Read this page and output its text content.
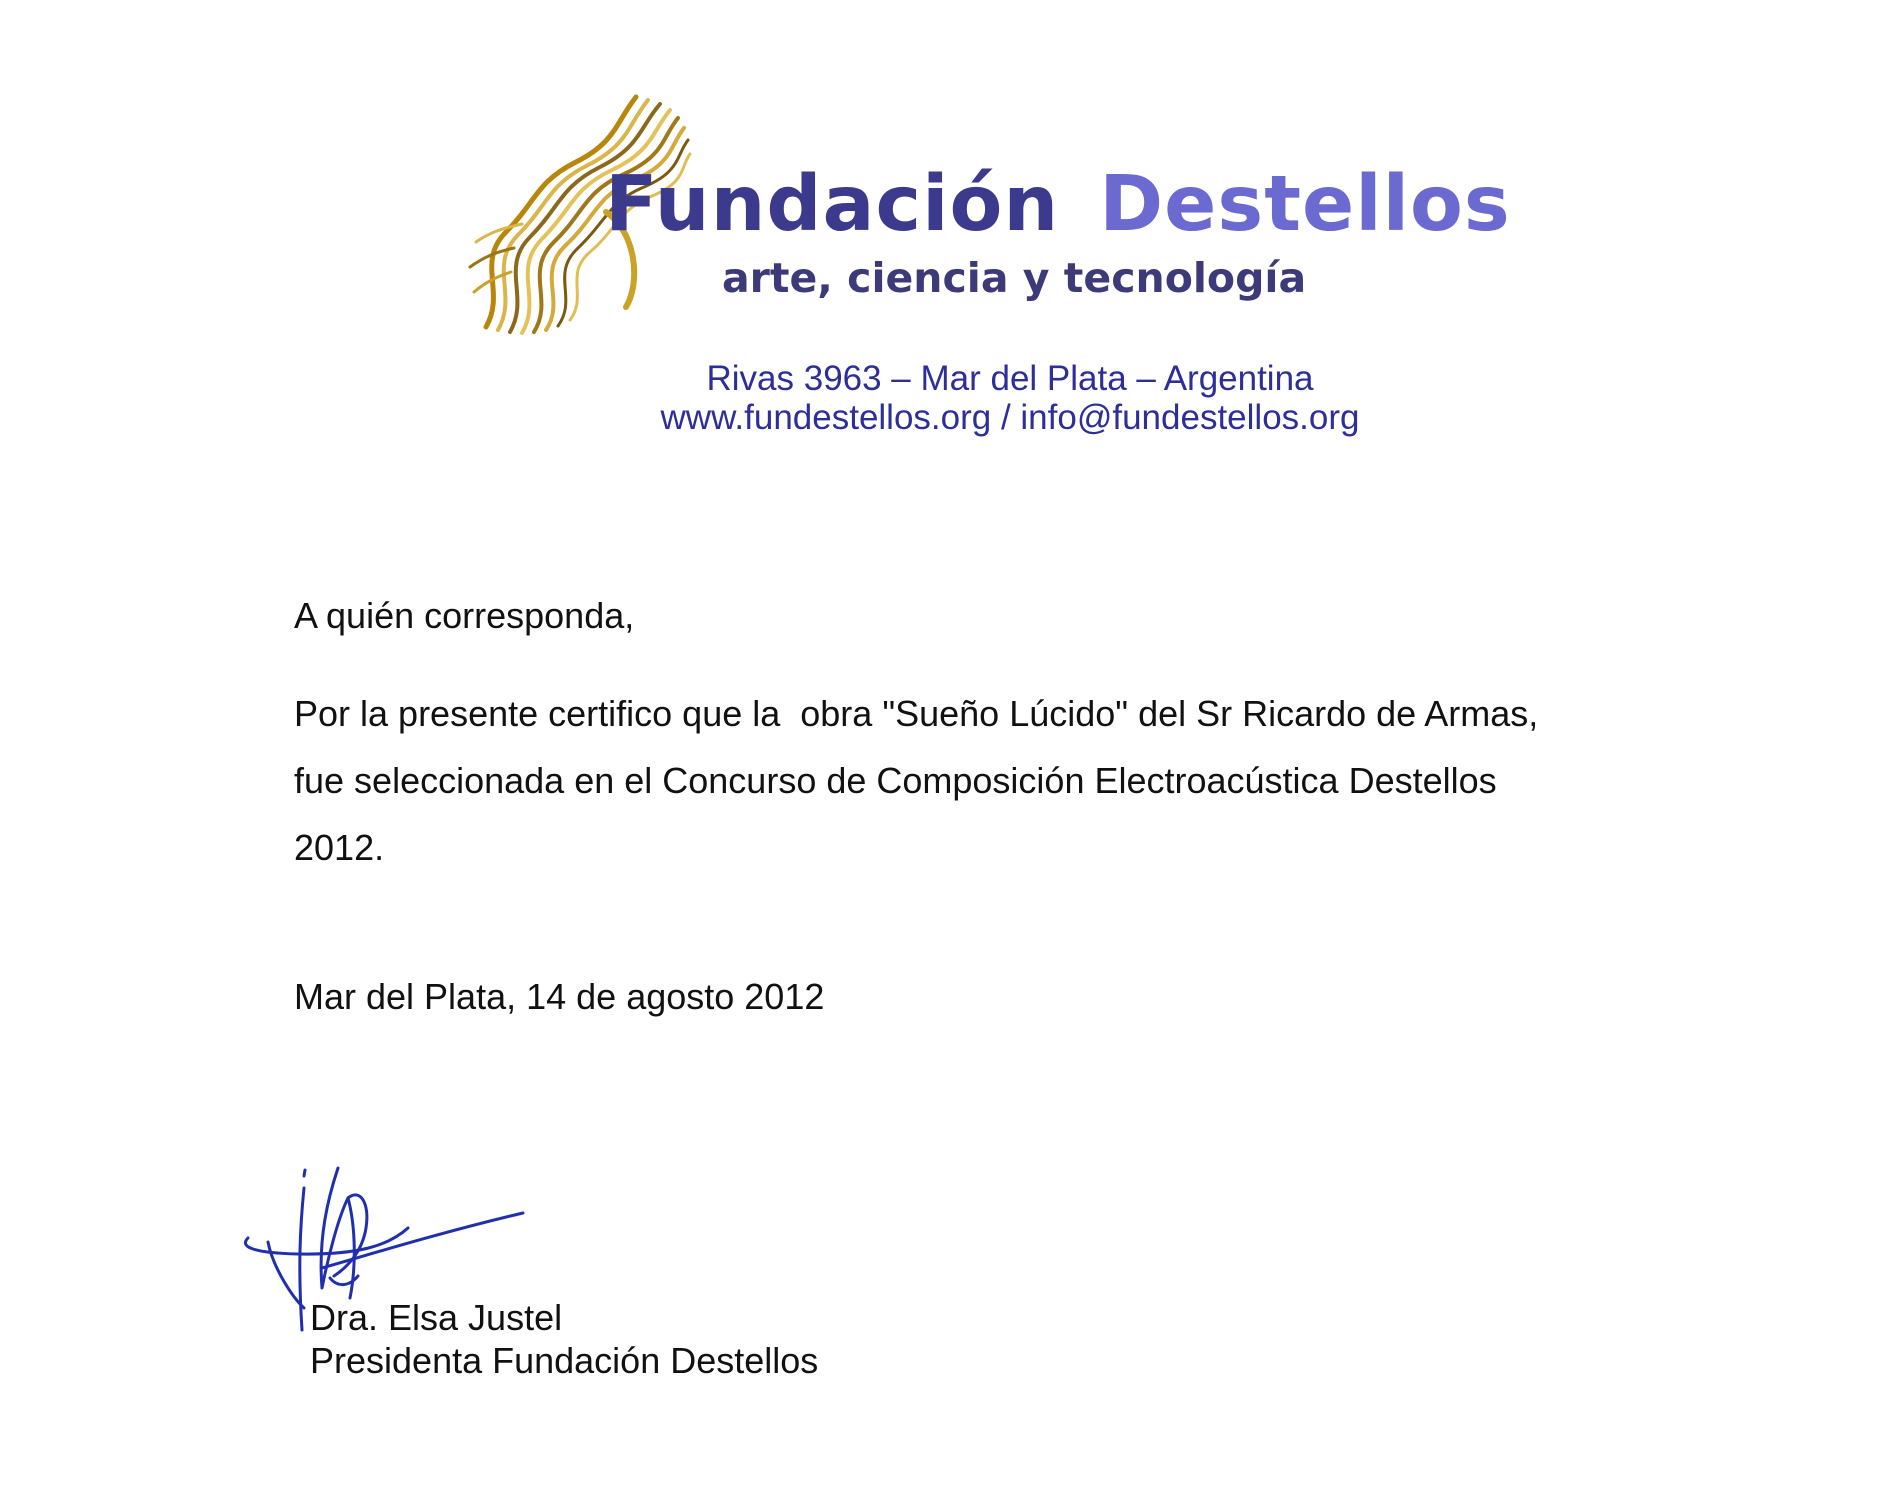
Fundación Destellos
arte, ciencia y tecnología
Rivas 3963 – Mar del Plata – Argentina
www.fundestellos.org / info@fundestellos.org
A quién corresponda,
Por la presente certifico que la  obra "Sueño Lúcido" del Sr Ricardo de Armas,
fue seleccionada en el Concurso de Composición Electroacústica Destellos
2012.
Mar del Plata, 14 de agosto 2012
Dra. Elsa Justel
Presidenta Fundación Destellos
